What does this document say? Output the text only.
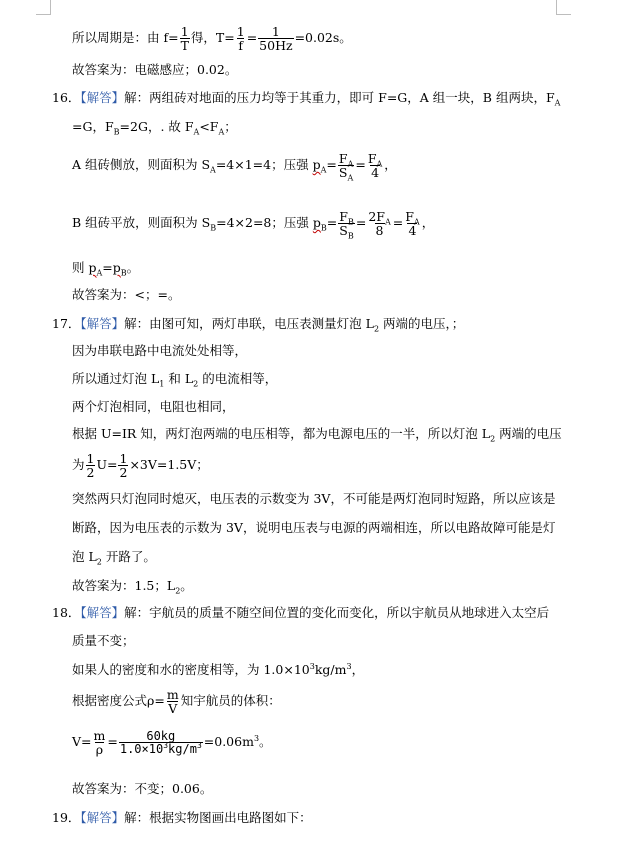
所以周期是：由 $f= \frac{1}{T}$ 得，$T= \frac{1}{f} = \frac{1}{50Hz} =0.02s$。
故答案为：电磁感应；0.02。
16．【解答】解：两组砖对地面的压力均等于其重力，即可 F=G，A 组一块，B 组两块，$F_A$
=G，$F_B=2G$，. 故 $F_A<F_A$；
A 组砖侧放，则面积为 $S_A=4\times 1=4$；压强 $p_A= \frac{F_A}{S_A} = \frac{F_A}{4}$ ，
B 组砖平放，则面积为 $S_B=4\times 2=8$；压强 $p_B= \frac{F_B}{S_B} = \frac{2F_A}{8} = \frac{F_A}{4}$ ，
则 $p_A=p_B$。
故答案为：<；=。
17．【解答】解：由图可知，两灯串联，电压表测量灯泡 $L_2$ 两端的电压，；
因为串联电路中电流处处相等，
所以通过灯泡 $L_1$ 和 $L_2$ 的电流相等，
两个灯泡相同，电阻也相同，
根据 U=IR 知，两灯泡两端的电压相等，都为电源电压的一半，所以灯泡 $L_2$ 两端的电压
为 $\frac{1}{2} U= \frac{1}{2} \times 3V=1.5V$；
突然两只灯泡同时熄灭，电压表的示数变为 3V，不可能是两灯泡同时短路，所以应该是
断路，因为电压表的示数为 3V，说明电压表与电源的两端相连，所以电路故障可能是灯
泡 $L_2$ 开路了。
故答案为：1.5；$L_2$。
18．【解答】解：宇航员的质量不随空间位置的变化而变化，所以宇航员从地球进入太空后
质量不变；
如果人的密度和水的密度相等，为 $1.0\times 10^3kg/m^3$，
根据密度公式$\rho= \frac{m}{V}$ 知宇航员的体积：
$V= \frac{m}{\rho} = \frac{60kg}{1.0\times 10^3kg/m^3} =0.06m^3$。
故答案为：不变；0.06。
19．【解答】解：根据实物图画出电路图如下：
